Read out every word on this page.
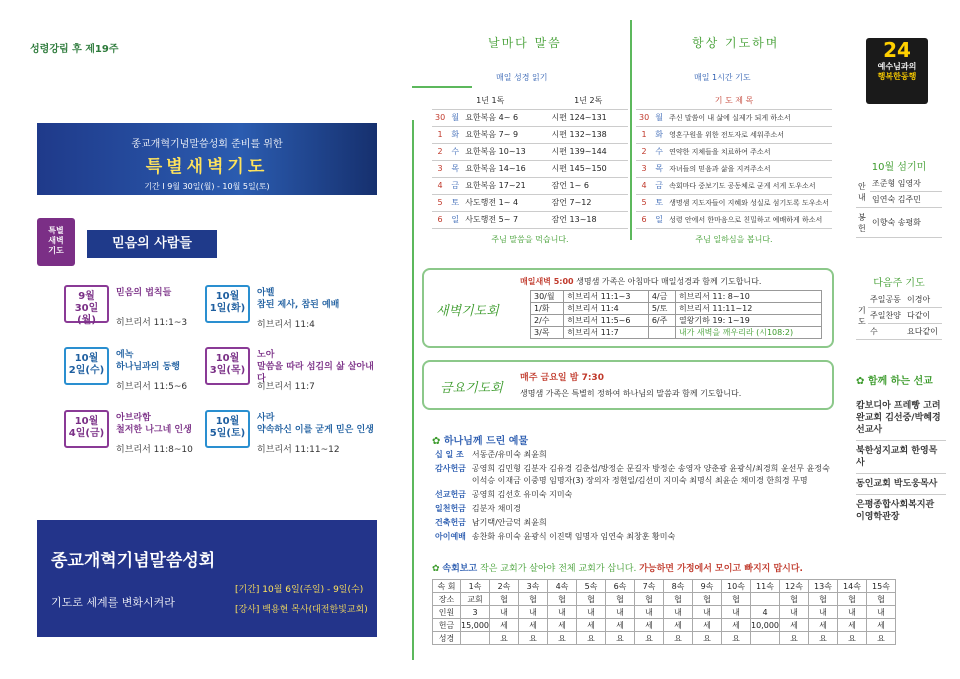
성령강림 후 제19주
종교개혁기념말씀성회 준비를 위한
특별새벽기도
기간 I 9월 30일(월) - 10월 5일(토)
특별
새벽
기도	믿음의 사람들
9월
30일(월)
믿음의 법칙들
히브리서 11:1~3
10월
1일(화)
아벨
참된 제사, 참된 예배
히브리서 11:4
10월
2일(수)
에녹
하나님과의 동행
히브리서 11:5~6
10월
3일(목)
노아
말씀을 따라 섬김의 삶 살아내다
히브리서 11:7
10월
4일(금)
아브라함
철저한 나그네 인생
히브리서 11:8~10
10월
5일(토)
사라
약속하신 이를 굳게 믿은 인생
히브리서 11:11~12
종교개혁기념말씀성회
기도로 세계를 변화시켜라
[기간] 10월 6일(주일) - 9일(수)
[강사] 백용현 목사(대전한빛교회)
날마다 말씀
매일 성경 읽기
1년 1독			1년 2독
30	월	요한복음 4~ 6	시편 124~131
1	화	요한복음 7~ 9	시편 132~138
2	수	요한복음 10~13	시편 139~144
3	목	요한복음 14~16	시편 145~150
4	금	요한복음 17~21	잠언 1~ 6
5	토	사도행전 1~ 4	잠언 7~12
6	일	사도행전 5~ 7	잠언 13~18
주님 말씀을 먹습니다.
항상 기도하며
매일 1시간 기도
기 도 제 목		
30	월	주신 말씀이 내 삶에 실제가 되게 하소서
1	화	영혼구원을 위한 전도자로 세워주소서
2	수	연약한 지체들을 치료하여 주소서
3	목	자녀들의 믿음과 삶을 지켜주소서
4	금	속회마다 중보기도 공동체로 굳게 서게 도우소서
5	토	생명샘 지도자들이 지혜와 성실로 섬기도록 도우소서
6	일	성령 안에서 한마음으로 친밀하고 예배하게 하소서
주님 일하심을 봅니다.
24
예수님과의
행복한동행
10월 섬기미
안내	조준형 임영자
	임연숙 김주민
봉헌	이향숙 송평화
다음주 기도
기도	주일공동	이경아
	주일찬양	다같이
	수	요다같이
✿ 함께 하는 선교
캄보디아 프레빵 고려완교회 김선중/박혜경선교사
북한성지교회 한영목사
동인교회 박도웅목사
은평종합사회복지관 이영학관장
새벽기도회
매일새벽 5:00 생명샘 가족은 아침마다 매일성경과 함께 기도합니다.
30/월	히브리서 11:1~3	4/금	히브리서 11: 8~10
1/화	히브리서 11:4	5/토	히브리서 11:11~12
2/수	히브리서 11:5~6	6/주	열왕기하 19: 1~19
3/목	히브리서 11:7		내가 새벽을 깨우리라 (시108:2)
금요기도회
매주 금요일 밤 7:30
생명샘 가족은 특별히 정하여 하나님의 말씀과 함께 기도합니다.
✿ 하나님께 드린 예물
십 일 조	서동준/유미숙 최윤희
감사헌금	공영희 김민형 김분자 김유경 김춘섭/방정순 문길자 방정순 송영자 양춘광 윤광식/최경희 윤선무 윤정숙 이석승 이재금 이중명 임명자(3) 장의자 정현일/김선미 지미숙 최명식 최윤순 채미경 한희경 무명
선교헌금	공영희 김선호 유미숙 지미숙
일천헌금	김분자 채미경
건축헌금	남기택/안금덕 최윤희
아이예배	송찬화 유미숙 윤광식 이진택 임명자 임연숙 최창훈 황미숙
✿ 속회보고 작은 교회가 살아야 전체 교회가 삽니다. 가능하면 가정에서 모이고 빠지지 맙시다.
속 회	1속	2속	3속	4속	5속	6속	7속	8속	9속	10속	11속	12속	13속	14속	15속
장소	교회	협	협	협	협	협	협	협	협	협		협	협	협	협
인원	3	내	내	내	내	내	내	내	내	내	4	내	내	내	내
헌금	15,000	세	세	세	세	세	세	세	세	세	10,000	세	세	세	세
성경		요	요	요	요	요	요	요	요	요		요	요	요	요
